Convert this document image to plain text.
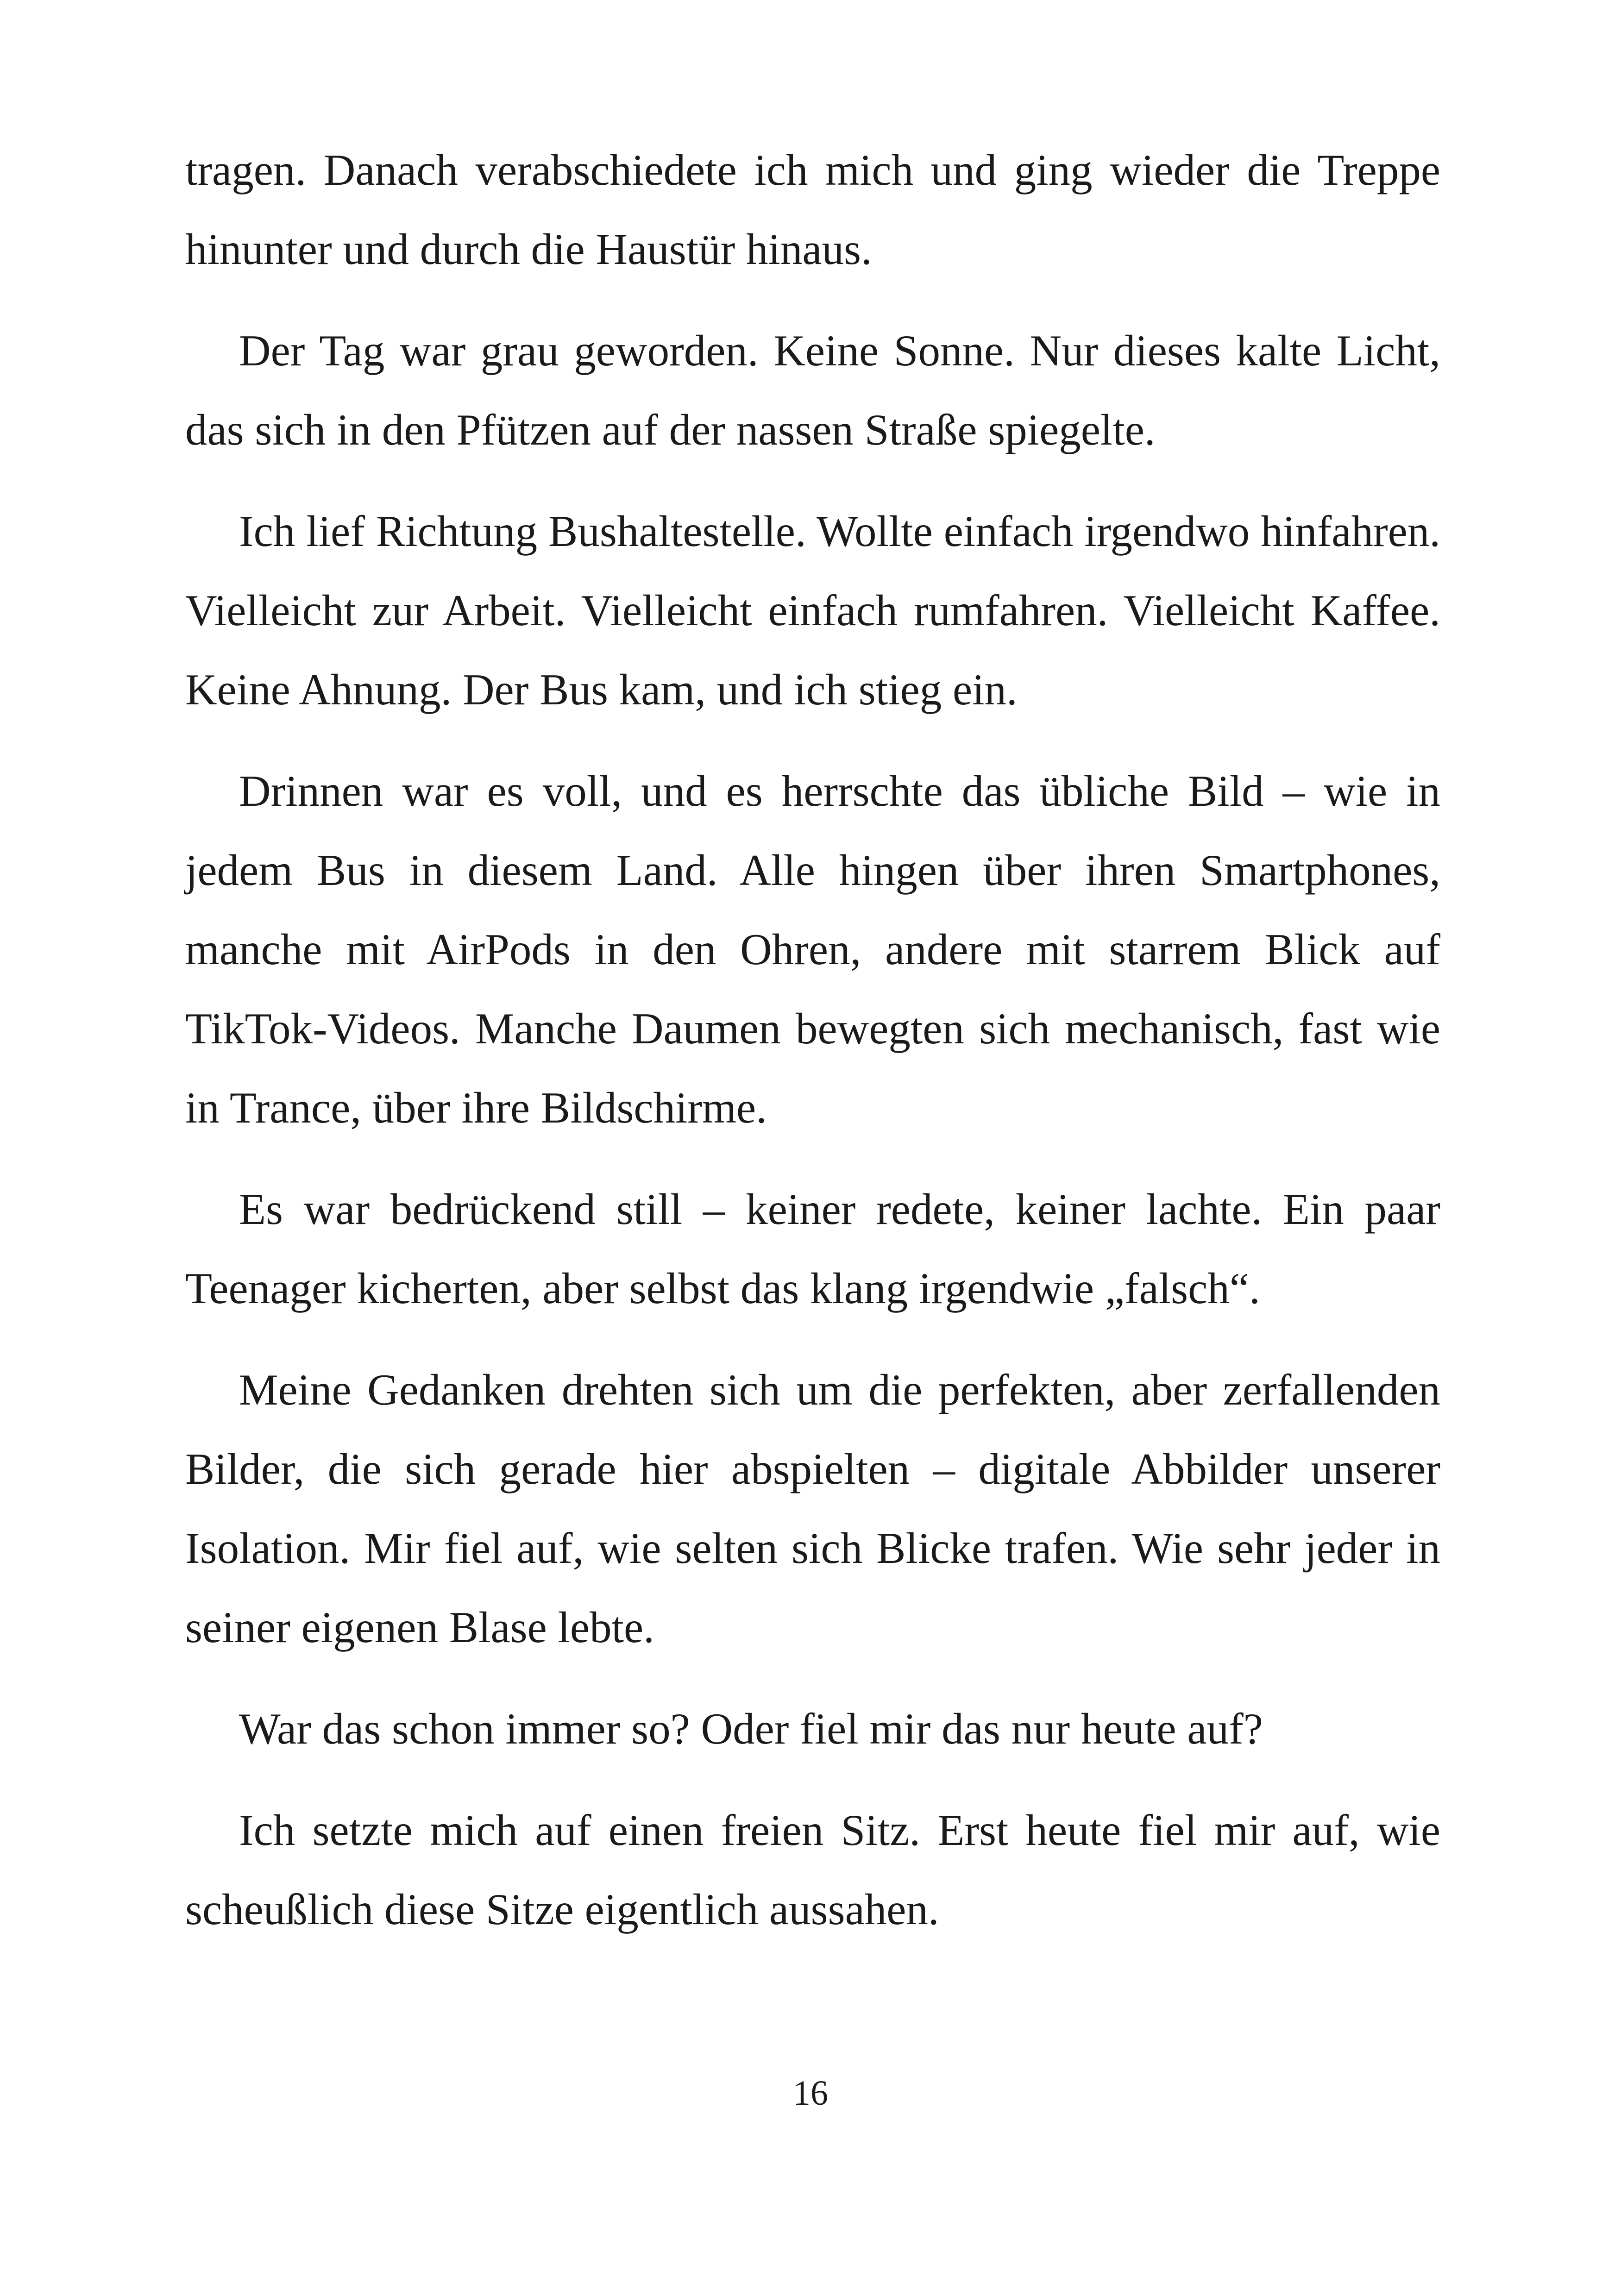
tragen. Danach verabschiedete ich mich und ging wieder die Treppe hinunter und durch die Haustür hinaus.

Der Tag war grau geworden. Keine Sonne. Nur dieses kalte Licht, das sich in den Pfützen auf der nassen Straße spiegelte.

Ich lief Richtung Bushaltestelle. Wollte einfach irgendwo hinfahren. Vielleicht zur Arbeit. Vielleicht einfach rumfahren. Vielleicht Kaffee. Keine Ahnung. Der Bus kam, und ich stieg ein.

Drinnen war es voll, und es herrschte das übliche Bild – wie in jedem Bus in diesem Land. Alle hingen über ihren Smartphones, manche mit AirPods in den Ohren, andere mit starrem Blick auf TikTok-Videos. Manche Daumen bewegten sich mechanisch, fast wie in Trance, über ihre Bildschirme.

Es war bedrückend still – keiner redete, keiner lachte. Ein paar Teenager kicherten, aber selbst das klang irgendwie „falsch“.

Meine Gedanken drehten sich um die perfekten, aber zerfallenden Bilder, die sich gerade hier abspielten – digitale Abbilder unserer Isolation. Mir fiel auf, wie selten sich Blicke trafen. Wie sehr jeder in seiner eigenen Blase lebte.

War das schon immer so? Oder fiel mir das nur heute auf?

Ich setzte mich auf einen freien Sitz. Erst heute fiel mir auf, wie scheußlich diese Sitze eigentlich aussahen.

16
